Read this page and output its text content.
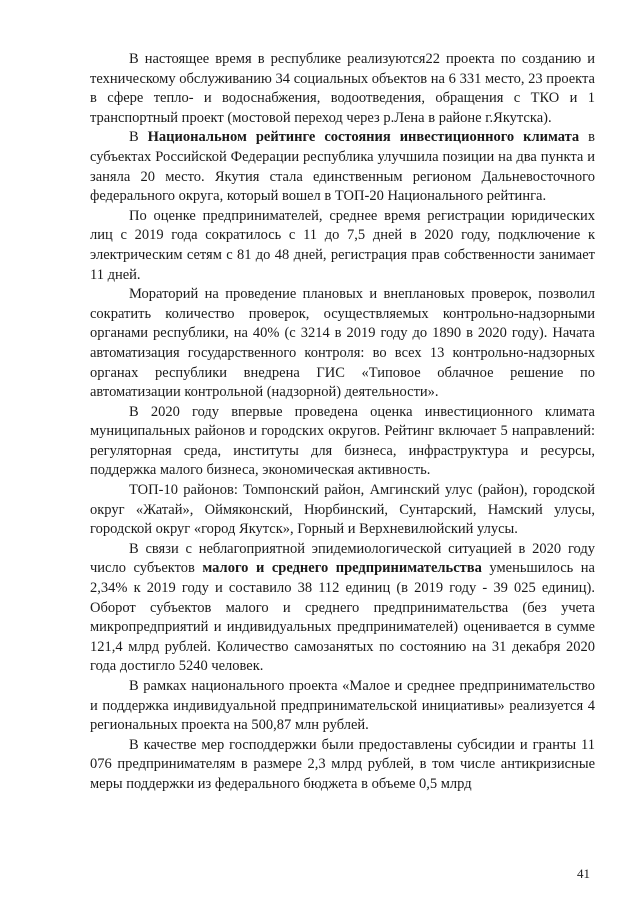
В настоящее время в республике реализуются22 проекта по созданию и техническому обслуживанию 34 социальных объектов на 6 331 место, 23 проекта в сфере тепло- и водоснабжения, водоотведения, обращения с ТКО и 1 транспортный проект (мостовой переход через р.Лена в районе г.Якутска).

В Национальном рейтинге состояния инвестиционного климата в субъектах Российской Федерации республика улучшила позиции на два пункта и заняла 20 место. Якутия стала единственным регионом Дальневосточного федерального округа, который вошел в ТОП-20 Национального рейтинга.

По оценке предпринимателей, среднее время регистрации юридических лиц с 2019 года сократилось с 11 до 7,5 дней в 2020 году, подключение к электрическим сетям с 81 до 48 дней, регистрация прав собственности занимает 11 дней.

Мораторий на проведение плановых и внеплановых проверок, позволил сократить количество проверок, осуществляемых контрольно-надзорными органами республики, на 40% (с 3214 в 2019 году до 1890 в 2020 году). Начата автоматизация государственного контроля: во всех 13 контрольно-надзорных органах республики внедрена ГИС «Типовое облачное решение по автоматизации контрольной (надзорной) деятельности».

В 2020 году впервые проведена оценка инвестиционного климата муниципальных районов и городских округов. Рейтинг включает 5 направлений: регуляторная среда, институты для бизнеса, инфраструктура и ресурсы, поддержка малого бизнеса, экономическая активность.

ТОП-10 районов: Томпонский район, Амгинский улус (район), городской округ «Жатай», Оймяконский, Нюрбинский, Сунтарский, Намский улусы, городской округ «город Якутск», Горный и Верхневилюйский улусы.

В связи с неблагоприятной эпидемиологической ситуацией в 2020 году число субъектов малого и среднего предпринимательства уменьшилось на 2,34% к 2019 году и составило 38 112 единиц (в 2019 году - 39 025 единиц). Оборот субъектов малого и среднего предпринимательства (без учета микропредприятий и индивидуальных предпринимателей) оценивается в сумме 121,4 млрд рублей. Количество самозанятых по состоянию на 31 декабря 2020 года достигло 5240 человек.

В рамках национального проекта «Малое и среднее предпринимательство и поддержка индивидуальной предпринимательской инициативы» реализуется 4 региональных проекта на 500,87 млн рублей.

В качестве мер господдержки были предоставлены субсидии и гранты 11 076 предпринимателям в размере 2,3 млрд рублей, в том числе антикризисные меры поддержки из федерального бюджета в объеме 0,5 млрд

41
